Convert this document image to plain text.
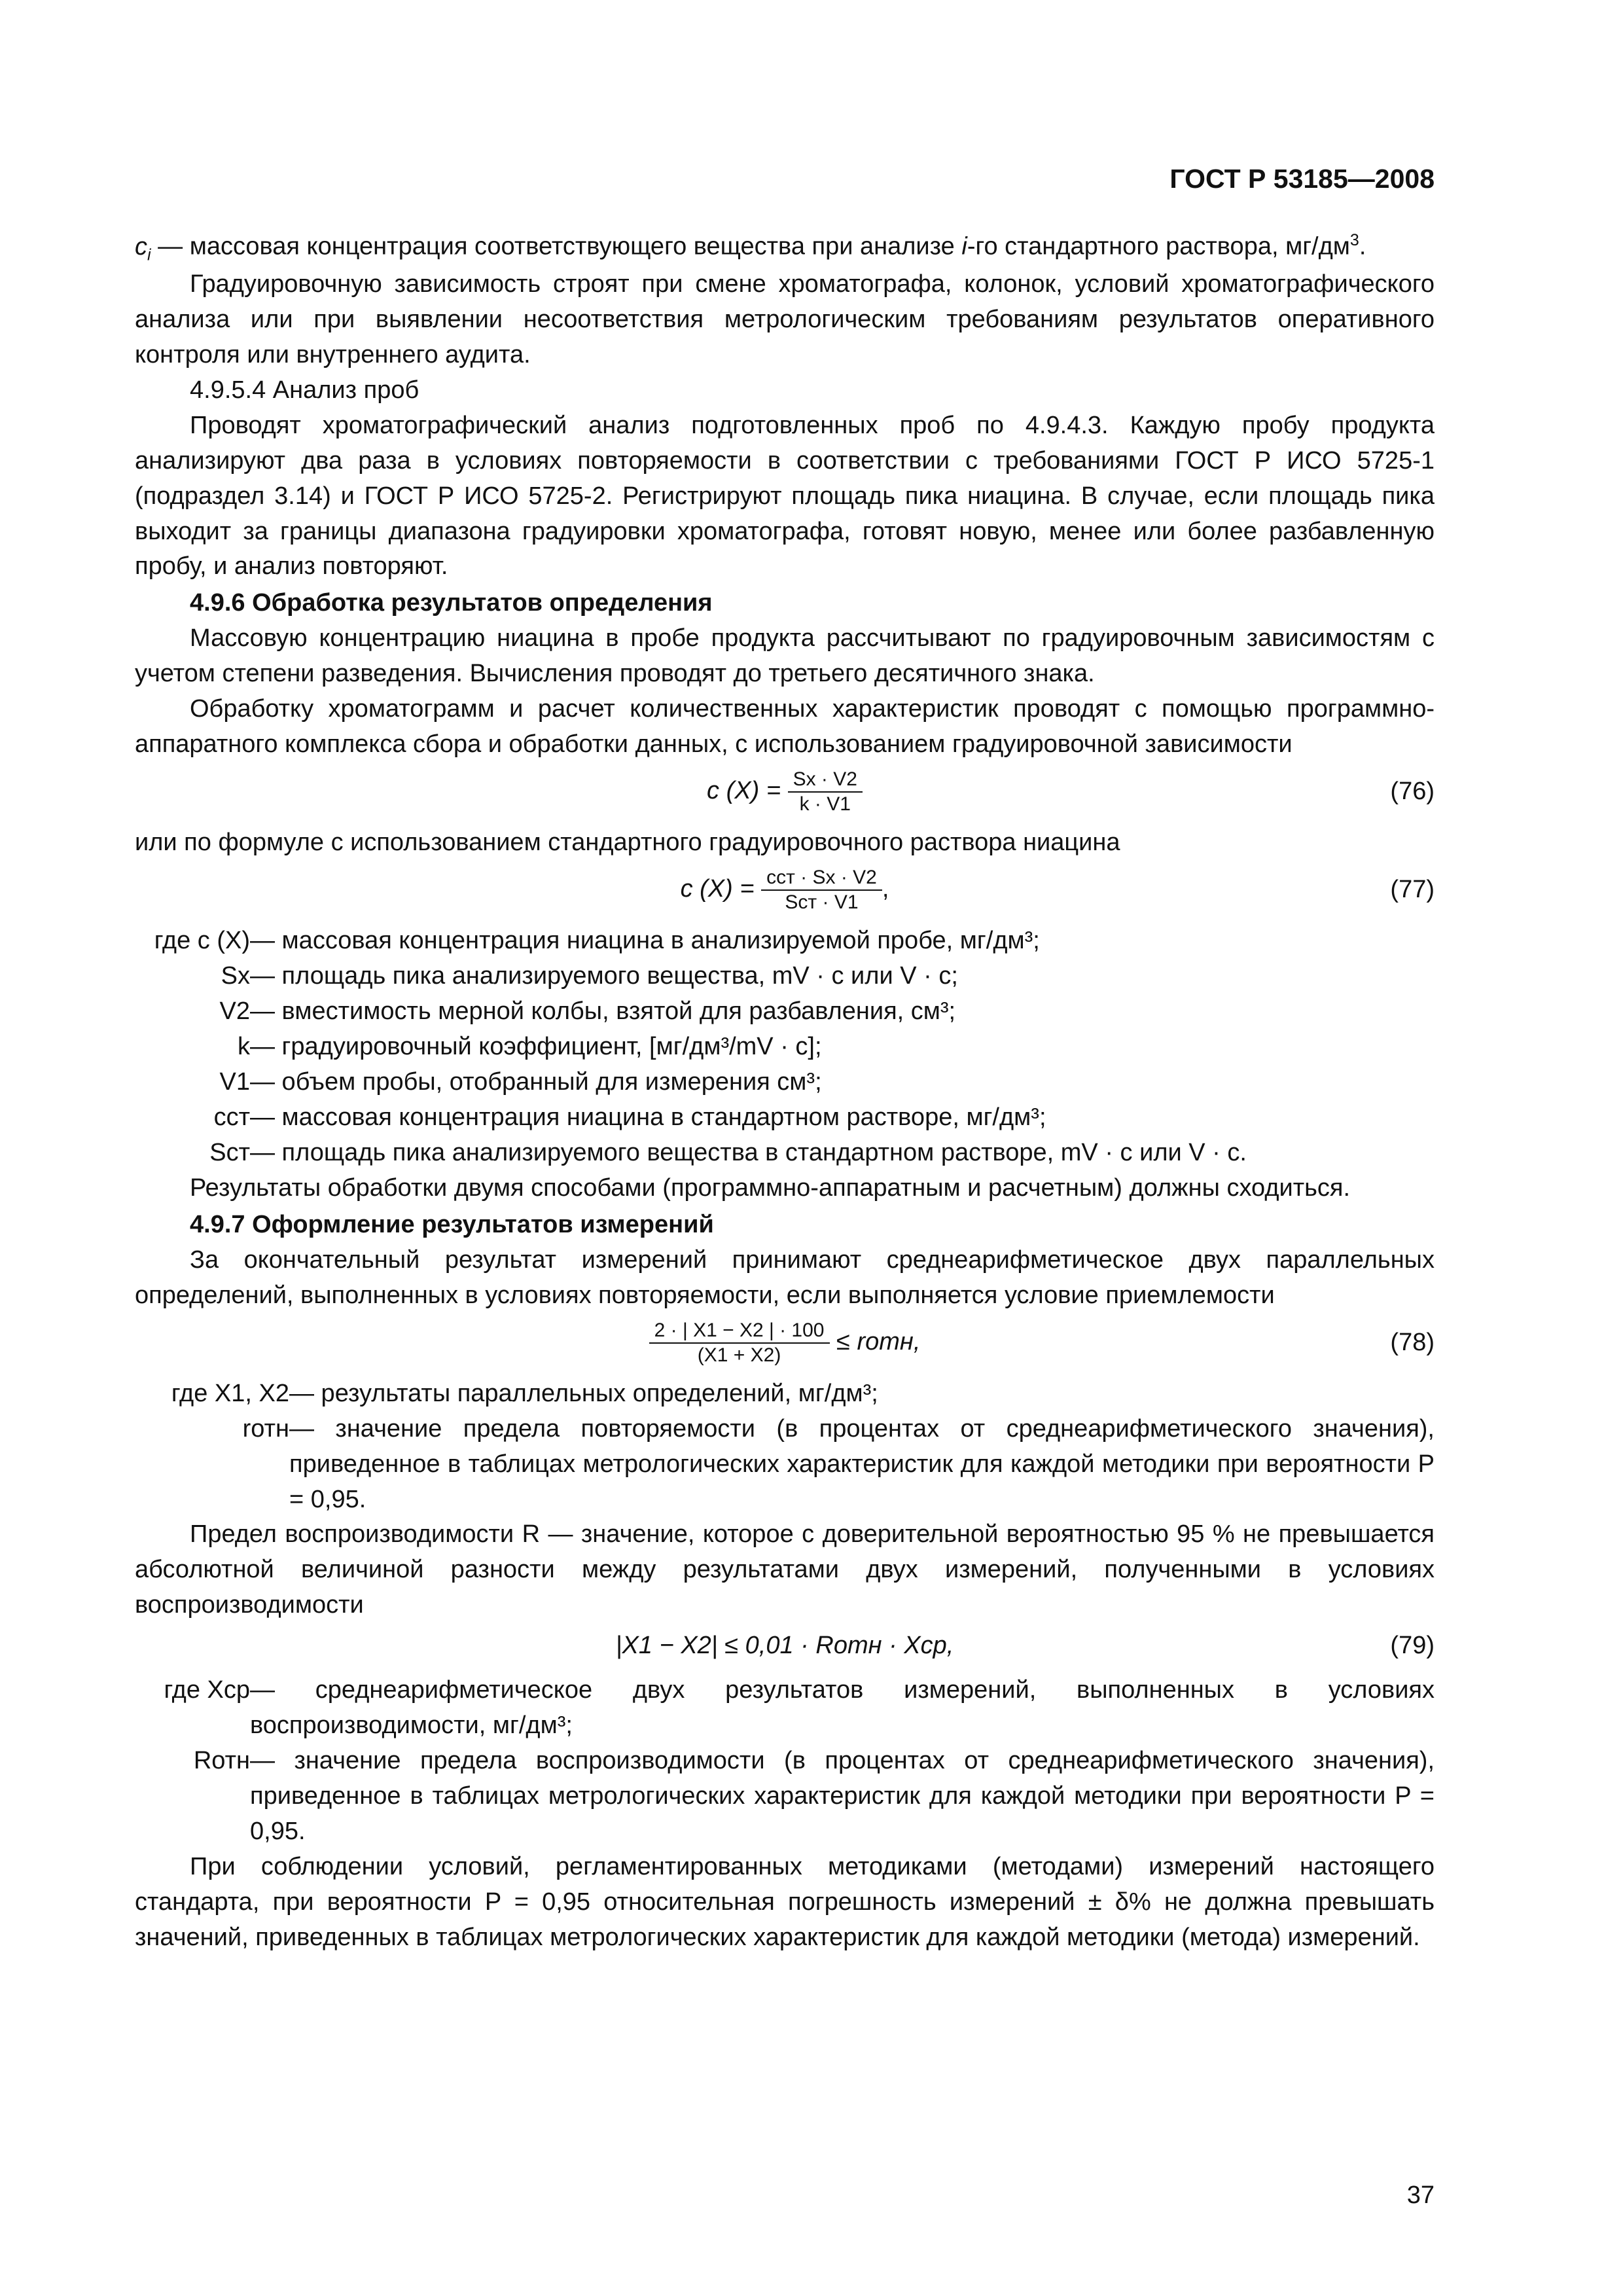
ГОСТ Р 53185—2008

$c_i$ — массовая концентрация соответствующего вещества при анализе i-го стандартного раствора, $мг/дм^3$.

Градуировочную зависимость строят при смене хроматографа, колонок, условий хроматографического анализа или при выявлении несоответствия метрологическим требованиям результатов оперативного контроля или внутреннего аудита.

4.9.5.4 Анализ проб

Проводят хроматографический анализ подготовленных проб по 4.9.4.3. Каждую пробу продукта анализируют два раза в условиях повторяемости в соответствии с требованиями ГОСТ Р ИСО 5725-1 (подраздел 3.14) и ГОСТ Р ИСО 5725-2. Регистрируют площадь пика ниацина. В случае, если площадь пика выходит за границы диапазона градуировки хроматографа, готовят новую, менее или более разбавленную пробу, и анализ повторяют.

4.9.6 Обработка результатов определения

Массовую концентрацию ниацина в пробе продукта рассчитывают по градуировочным зависимостям с учетом степени разведения. Вычисления проводят до третьего десятичного знака.

Обработку хроматограмм и расчет количественных характеристик проводят с помощью программно-аппаратного комплекса сбора и обработки данных, с использованием градуировочной зависимости

c $(X) = \frac{Sx \cdot V2}{k \cdot V1}$	(76)

или по формуле с использованием стандартного градуировочного раствора ниацина

c $(X) = \frac{\text{cст · Sx · V2}}{\text{Sст · V1}}$ ,	(77)

где c (X) — массовая концентрация ниацина в анализируемой пробе, мг/дм³;

Sx — площадь пика анализируемого вещества, mV · c или V · c;

V2 — вместимость мерной колбы, взятой для разбавления, см³;

k — градуировочный коэффициент, [мг/дм³/mV · с];

V1 — объем пробы, отобранный для измерения см³;

cст — массовая концентрация ниацина в стандартном растворе, мг/дм³;

Sст — площадь пика анализируемого вещества в стандартном растворе, mV · c или V · c.

Результаты обработки двумя способами (программно-аппаратным и расчетным) должны сходиться.

4.9.7 Оформление результатов измерений

За окончательный результат измерений принимают среднеарифметическое двух параллельных определений, выполненных в условиях повторяемости, если выполняется условие приемлемости

$\frac{2 \cdot | X1 - X2 | \cdot 100}{(X1 + X2)}$ ≤ rотн,	(78)

где X1, X2 — результаты параллельных определений, мг/дм³;

rотн — значение предела повторяемости (в процентах от среднеарифметического значения), приведенное в таблицах метрологических характеристик для каждой методики при вероятности P = 0,95.

Предел воспроизводимости R — значение, которое с доверительной вероятностью 95 % не превышается абсолютной величиной разности между результатами двух измерений, полученными в условиях воспроизводимости

|X1 − X2| ≤ 0,01 · Rотн · Xср,	(79)

где Xср — среднеарифметическое двух результатов измерений, выполненных в условиях воспроизводимости, мг/дм³;

Rотн — значение предела воспроизводимости (в процентах от среднеарифметического значения), приведенное в таблицах метрологических характеристик для каждой методики при вероятности P = 0,95.

При соблюдении условий, регламентированных методиками (методами) измерений настоящего стандарта, при вероятности P = 0,95 относительная погрешность измерений ± δ% не должна превышать значений, приведенных в таблицах метрологических характеристик для каждой методики (метода) измерений.

37
